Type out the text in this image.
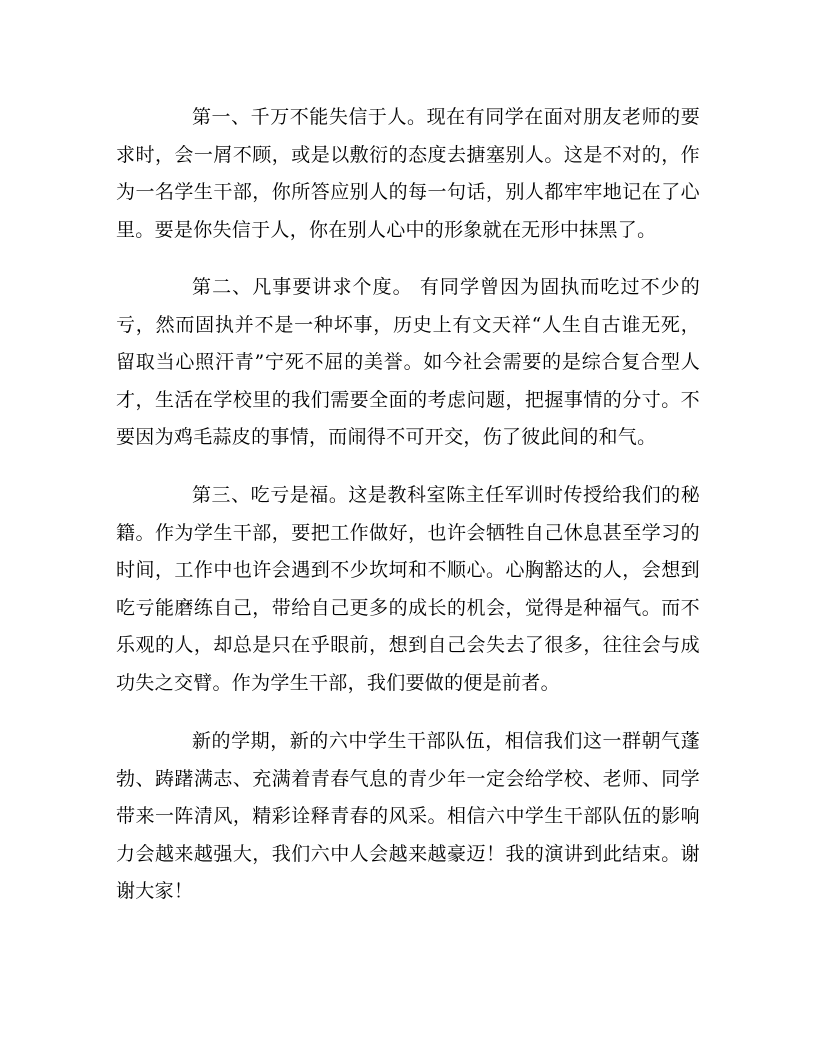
第一、千万不能失信于人。现在有同学在面对朋友老师的要求时，会一屑不顾，或是以敷衍的态度去搪塞别人。这是不对的，作为一名学生干部，你所答应别人的每一句话，别人都牢牢地记在了心里。要是你失信于人，你在别人心中的形象就在无形中抹黑了。

第二、凡事要讲求个度。 有同学曾因为固执而吃过不少的亏，然而固执并不是一种坏事，历史上有文天祥“人生自古谁无死，留取当心照汗青”宁死不屈的美誉。如今社会需要的是综合复合型人才，生活在学校里的我们需要全面的考虑问题，把握事情的分寸。不要因为鸡毛蒜皮的事情，而闹得不可开交，伤了彼此间的和气。

第三、吃亏是福。这是教科室陈主任军训时传授给我们的秘籍。作为学生干部，要把工作做好，也许会牺牲自己休息甚至学习的时间，工作中也许会遇到不少坎坷和不顺心。心胸豁达的人，会想到吃亏能磨练自己，带给自己更多的成长的机会，觉得是种福气。而不乐观的人，却总是只在乎眼前，想到自己会失去了很多，往往会与成功失之交臂。作为学生干部，我们要做的便是前者。

新的学期，新的六中学生干部队伍，相信我们这一群朝气蓬勃、踌躇满志、充满着青春气息的青少年一定会给学校、老师、同学带来一阵清风，精彩诠释青春的风采。相信六中学生干部队伍的影响力会越来越强大，我们六中人会越来越豪迈！我的演讲到此结束。谢谢大家！
